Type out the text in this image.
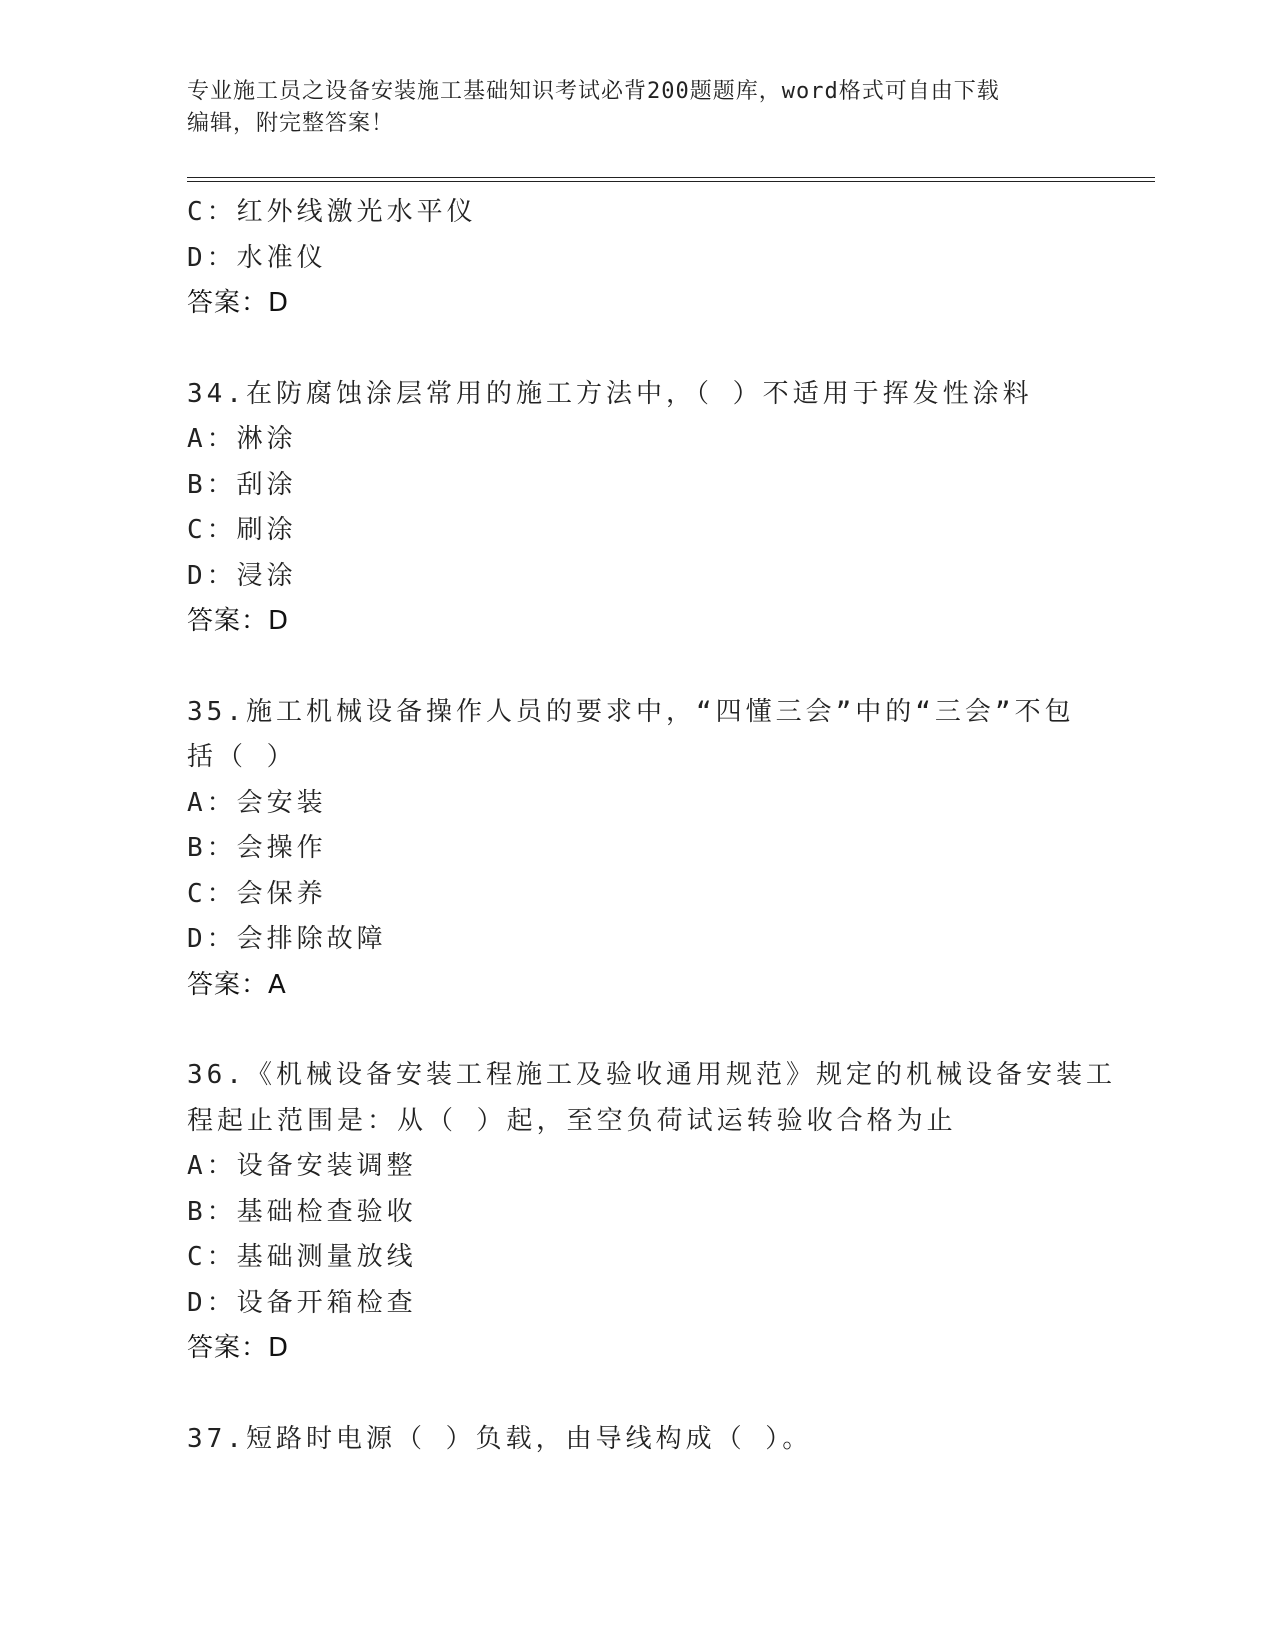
专业施工员之设备安装施工基础知识考试必背200题题库，word格式可自由下载
编辑，附完整答案！
C：红外线激光水平仪
D：水准仪
答案：D
34.在防腐蚀涂层常用的施工方法中，（ ）不适用于挥发性涂料
A：淋涂
B：刮涂
C：刷涂
D：浸涂
答案：D
35.施工机械设备操作人员的要求中，“四懂三会”中的“三会”不包
括（ ）
A：会安装
B：会操作
C：会保养
D：会排除故障
答案：A
36.《机械设备安装工程施工及验收通用规范》规定的机械设备安装工
程起止范围是：从（ ）起，至空负荷试运转验收合格为止
A：设备安装调整
B：基础检查验收
C：基础测量放线
D：设备开箱检查
答案：D
37.短路时电源（ ）负载，由导线构成（ ）。
